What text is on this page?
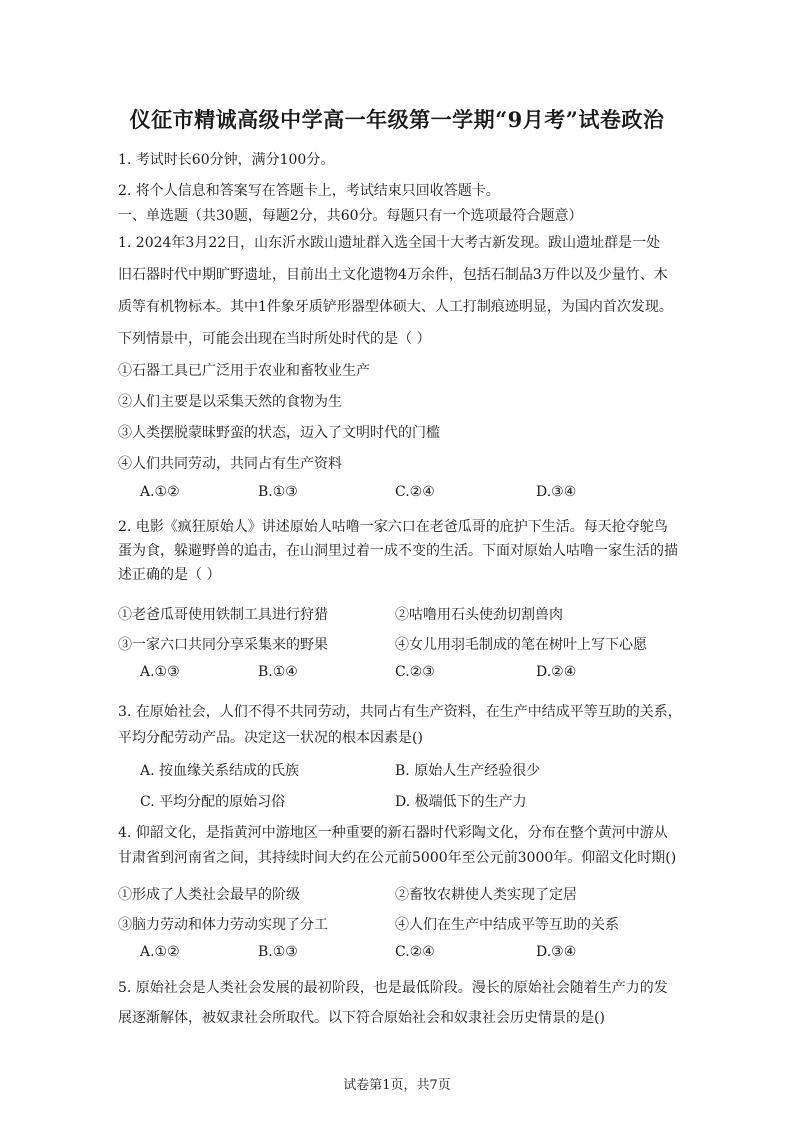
仪征市精诚高级中学高一年级第一学期“9月考”试卷政治
1. 考试时长60分钟，满分100分。
2. 将个人信息和答案写在答题卡上，考试结束只回收答题卡。
一、单选题（共30题，每题2分，共60分。每题只有一个选项最符合题意）
1. 2024年3月22日，山东沂水跋山遗址群入选全国十大考古新发现。跋山遗址群是一处
旧石器时代中期旷野遗址，目前出土文化遗物4万余件，包括石制品3万件以及少量竹、木
质等有机物标本。其中1件象牙质铲形器型体硕大、人工打制痕迹明显，为国内首次发现。
下列情景中，可能会出现在当时所处时代的是（ ）
①石器工具已广泛用于农业和畜牧业生产
②人们主要是以采集天然的食物为生
③人类摆脱蒙昧野蛮的状态，迈入了文明时代的门槛
④人们共同劳动，共同占有生产资料
A.①②	B.①③	C.②④	D.③④
2. 电影《疯狂原始人》讲述原始人咕噜一家六口在老爸瓜哥的庇护下生活。每天抢夺鸵鸟
蛋为食，躲避野兽的追击，在山洞里过着一成不变的生活。下面对原始人咕噜一家生活的描
述正确的是（ ）
①老爸瓜哥使用铁制工具进行狩猎	②咕噜用石头使劲切割兽肉
③一家六口共同分享采集来的野果	④女儿用羽毛制成的笔在树叶上写下心愿
A.①③	B.①④	C.②③	D.②④
3. 在原始社会，人们不得不共同劳动，共同占有生产资料，在生产中结成平等互助的关系，
平均分配劳动产品。决定这一状况的根本因素是()
A. 按血缘关系结成的氏族	B. 原始人生产经验很少
C. 平均分配的原始习俗	D. 极端低下的生产力
4. 仰韶文化，是指黄河中游地区一种重要的新石器时代彩陶文化，分布在整个黄河中游从
甘肃省到河南省之间，其持续时间大约在公元前5000年至公元前3000年。仰韶文化时期()
①形成了人类社会最早的阶级	②畜牧农耕使人类实现了定居
③脑力劳动和体力劳动实现了分工	④人们在生产中结成平等互助的关系
A.①②	B.①③	C.②④	D.③④
5. 原始社会是人类社会发展的最初阶段，也是最低阶段。漫长的原始社会随着生产力的发
展逐渐解体，被奴隶社会所取代。以下符合原始社会和奴隶社会历史情景的是()
试卷第1页，共7页
